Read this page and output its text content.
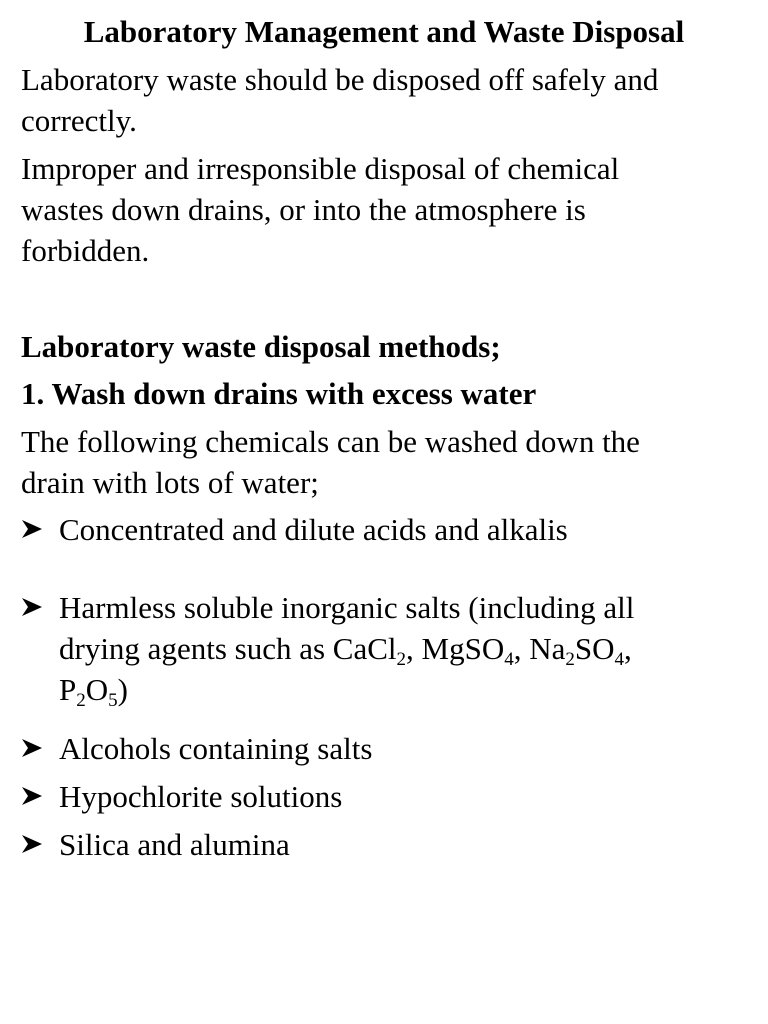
Laboratory Management and Waste Disposal
Laboratory waste should be disposed off safely and
correctly.
Improper and irresponsible disposal of chemical
wastes down drains, or into the atmosphere is
forbidden.
Laboratory waste disposal methods;
1. Wash down drains with excess water
The following chemicals can be washed down the
drain with lots of water;
Concentrated and dilute acids and alkalis
Harmless soluble inorganic salts (including all
drying agents such as CaCl$_2$, MgSO$_4$, $Na_2SO_4$,
$P_2O_5$)
Alcohols containing salts
Hypochlorite solutions
Silica and alumina
